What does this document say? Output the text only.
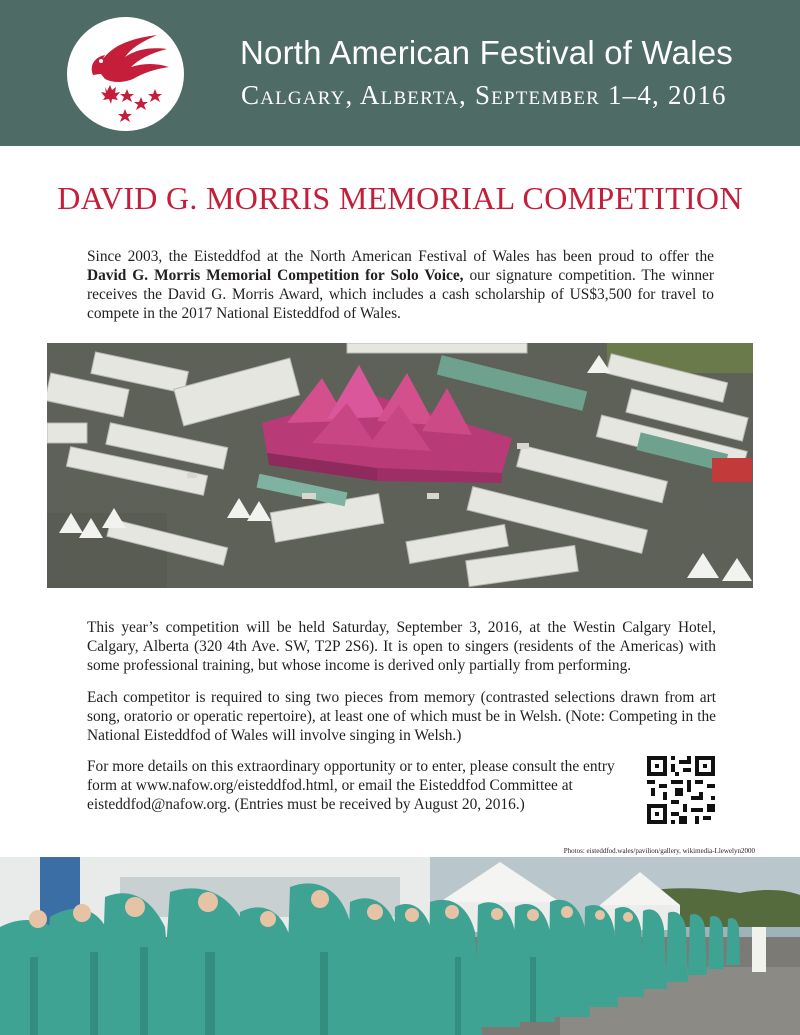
North American Festival of Wales
Calgary, Alberta, September 1–4, 2016
DAVID G. MORRIS MEMORIAL COMPETITION

Since 2003, the Eisteddfod at the North American Festival of Wales has been proud to offer the David G. Morris Memorial Competition for Solo Voice, our signature competition. The winner receives the David G. Morris Award, which includes a cash scholarship of US$3,500 for travel to compete in the 2017 National Eisteddfod of Wales.

This year’s competition will be held Saturday, September 3, 2016, at the Westin Calgary Hotel, Calgary, Alberta (320 4th Ave. SW, T2P 2S6). It is open to singers (residents of the Americas) with some professional training, but whose income is derived only partially from performing.

Each competitor is required to sing two pieces from memory (contrasted selections drawn from art song, oratorio or operatic repertoire), at least one of which must be in Welsh. (Note: Competing in the National Eisteddfod of Wales will involve singing in Welsh.)

For more details on this extraordinary opportunity or to enter, please consult the entry form at www.nafow.org/eisteddfod.html, or email the Eisteddfod Committee at eisteddfod@nafow.org. (Entries must be received by August 20, 2016.)

Photos: eisteddfod.wales/pavilion/gallery, wikimedia-Llewelyn2000
